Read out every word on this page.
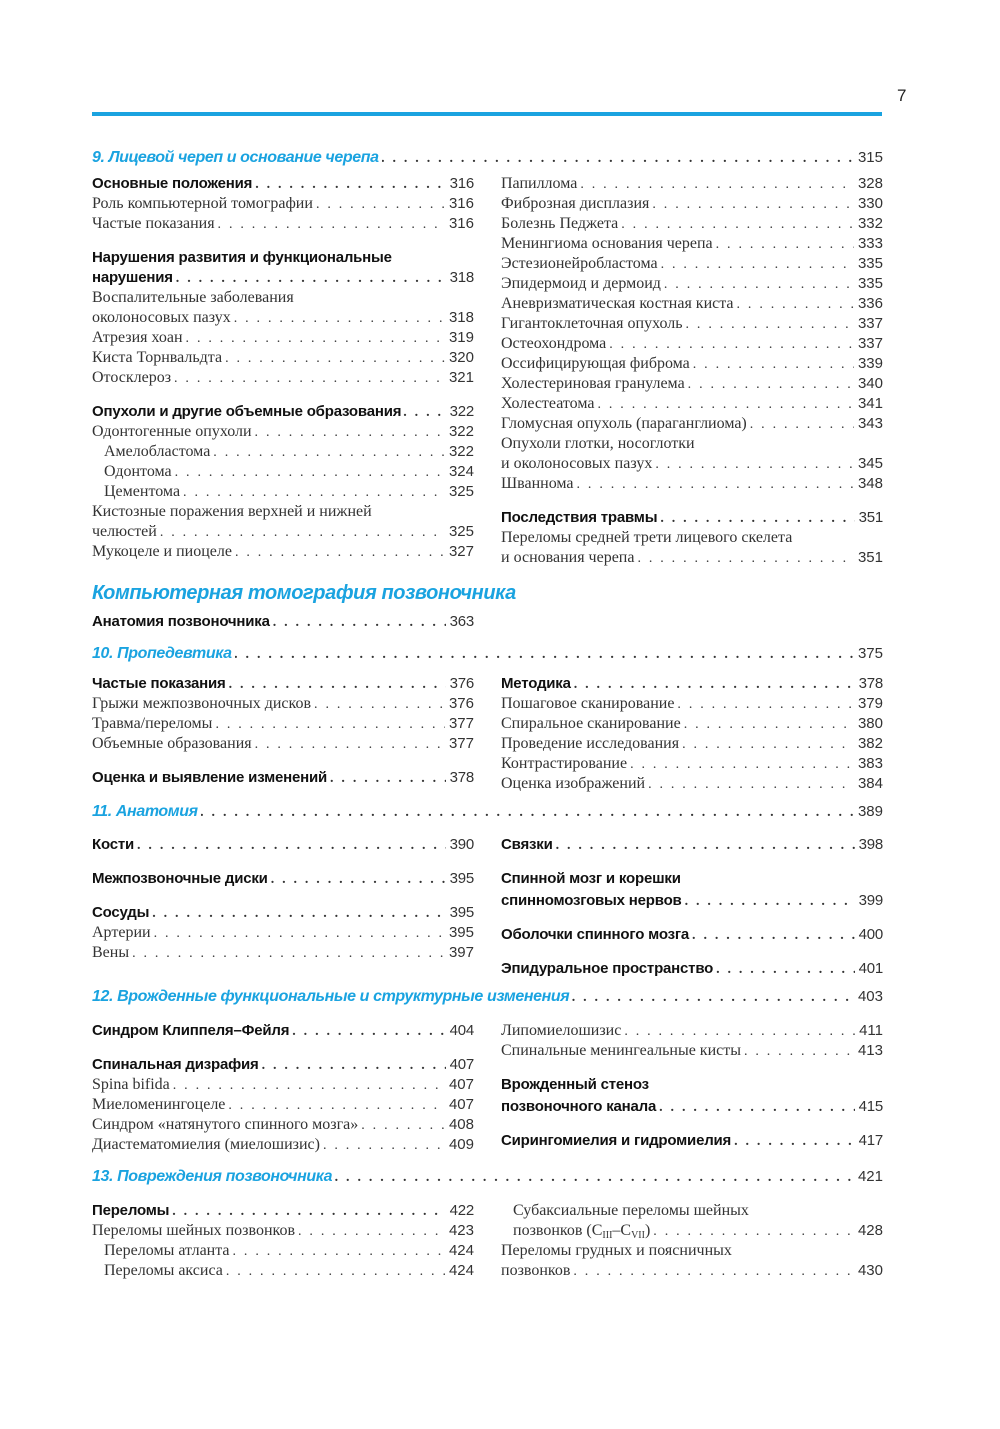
7
9. Лицевой череп и основание черепа . . .	315
Основные положения . . .	316
Роль компьютерной томографии . . .	316
Частые показания . . .	316
Нарушения развития и функциональные
нарушения . . .	318
Воспалительные заболевания
околоносовых пазух . . .	318
Атрезия хоан . . .	319
Киста Торнвальдта . . .	320
Отосклероз . . .	321
Опухоли и другие объемные образования . . .	322
Одонтогенные опухоли . . .	322
Амелобластома . . .	322
Одонтома . . .	324
Цементома . . .	325
Кистозные поражения верхней и нижней
челюстей . . .	325
Мукоцеле и пиоцеле . . .	327
Папиллома . . .	328
Фиброзная дисплазия . . .	330
Болезнь Педжета . . .	332
Менингиома основания черепа . . .	333
Эстезионейробластома . . .	335
Эпидермоид и дермоид . . .	335
Аневризматическая костная киста . . .	336
Гигантоклеточная опухоль . . .	337
Остеохондрома . . .	337
Оссифицирующая фиброма . . .	339
Холестериновая гранулема . . .	340
Холестеатома . . .	341
Гломусная опухоль (параганглиома) . . .	343
Опухоли глотки, носоглотки
и околоносовых пазух . . .	345
Шваннома . . .	348
Последствия травмы . . .	351
Переломы средней трети лицевого скелета
и основания черепа . . .	351
Компьютерная томография позвоночника
Анатомия позвоночника . . .	363
10. Пропедевтика . . .	375
Частые показания . . .	376
Грыжи межпозвоночных дисков . . .	376
Травма/переломы . . .	377
Объемные образования . . .	377
Оценка и выявление изменений . . .	378
Методика . . .	378
Пошаговое сканирование . . .	379
Спиральное сканирование . . .	380
Проведение исследования . . .	382
Контрастирование . . .	383
Оценка изображений . . .	384
11. Анатомия . . .	389
Кости . . .	390
Межпозвоночные диски . . .	395
Сосуды . . .	395
Артерии . . .	395
Вены . . .	397
Связки . . .	398
Спинной мозг и корешки
спинномозговых нервов . . .	399
Оболочки спинного мозга . . .	400
Эпидуральное пространство . . .	401
12. Врожденные функциональные и структурные изменения . . .	403
Синдром Клиппеля–Фейля . . .	404
Спинальная дизрафия . . .	407
Spina bifida . . .	407
Миеломенингоцеле . . .	407
Синдром «натянутого спинного мозга» . . .	408
Диастематомиелия (миелошизис) . . .	409
Липомиелошизис . . .	411
Спинальные менингеальные кисты . . .	413
Врожденный стеноз
позвоночного канала . . .	415
Сирингомиелия и гидромиелия . . .	417
13. Повреждения позвоночника . . .	421
Переломы . . .	422
Переломы шейных позвонков . . .	423
Переломы атланта . . .	424
Переломы аксиса . . .	424
Субаксиальные переломы шейных
позвонков $(C_{III}-C_{VII})$ . . .	428
Переломы грудных и поясничных
позвонков . . .	430
